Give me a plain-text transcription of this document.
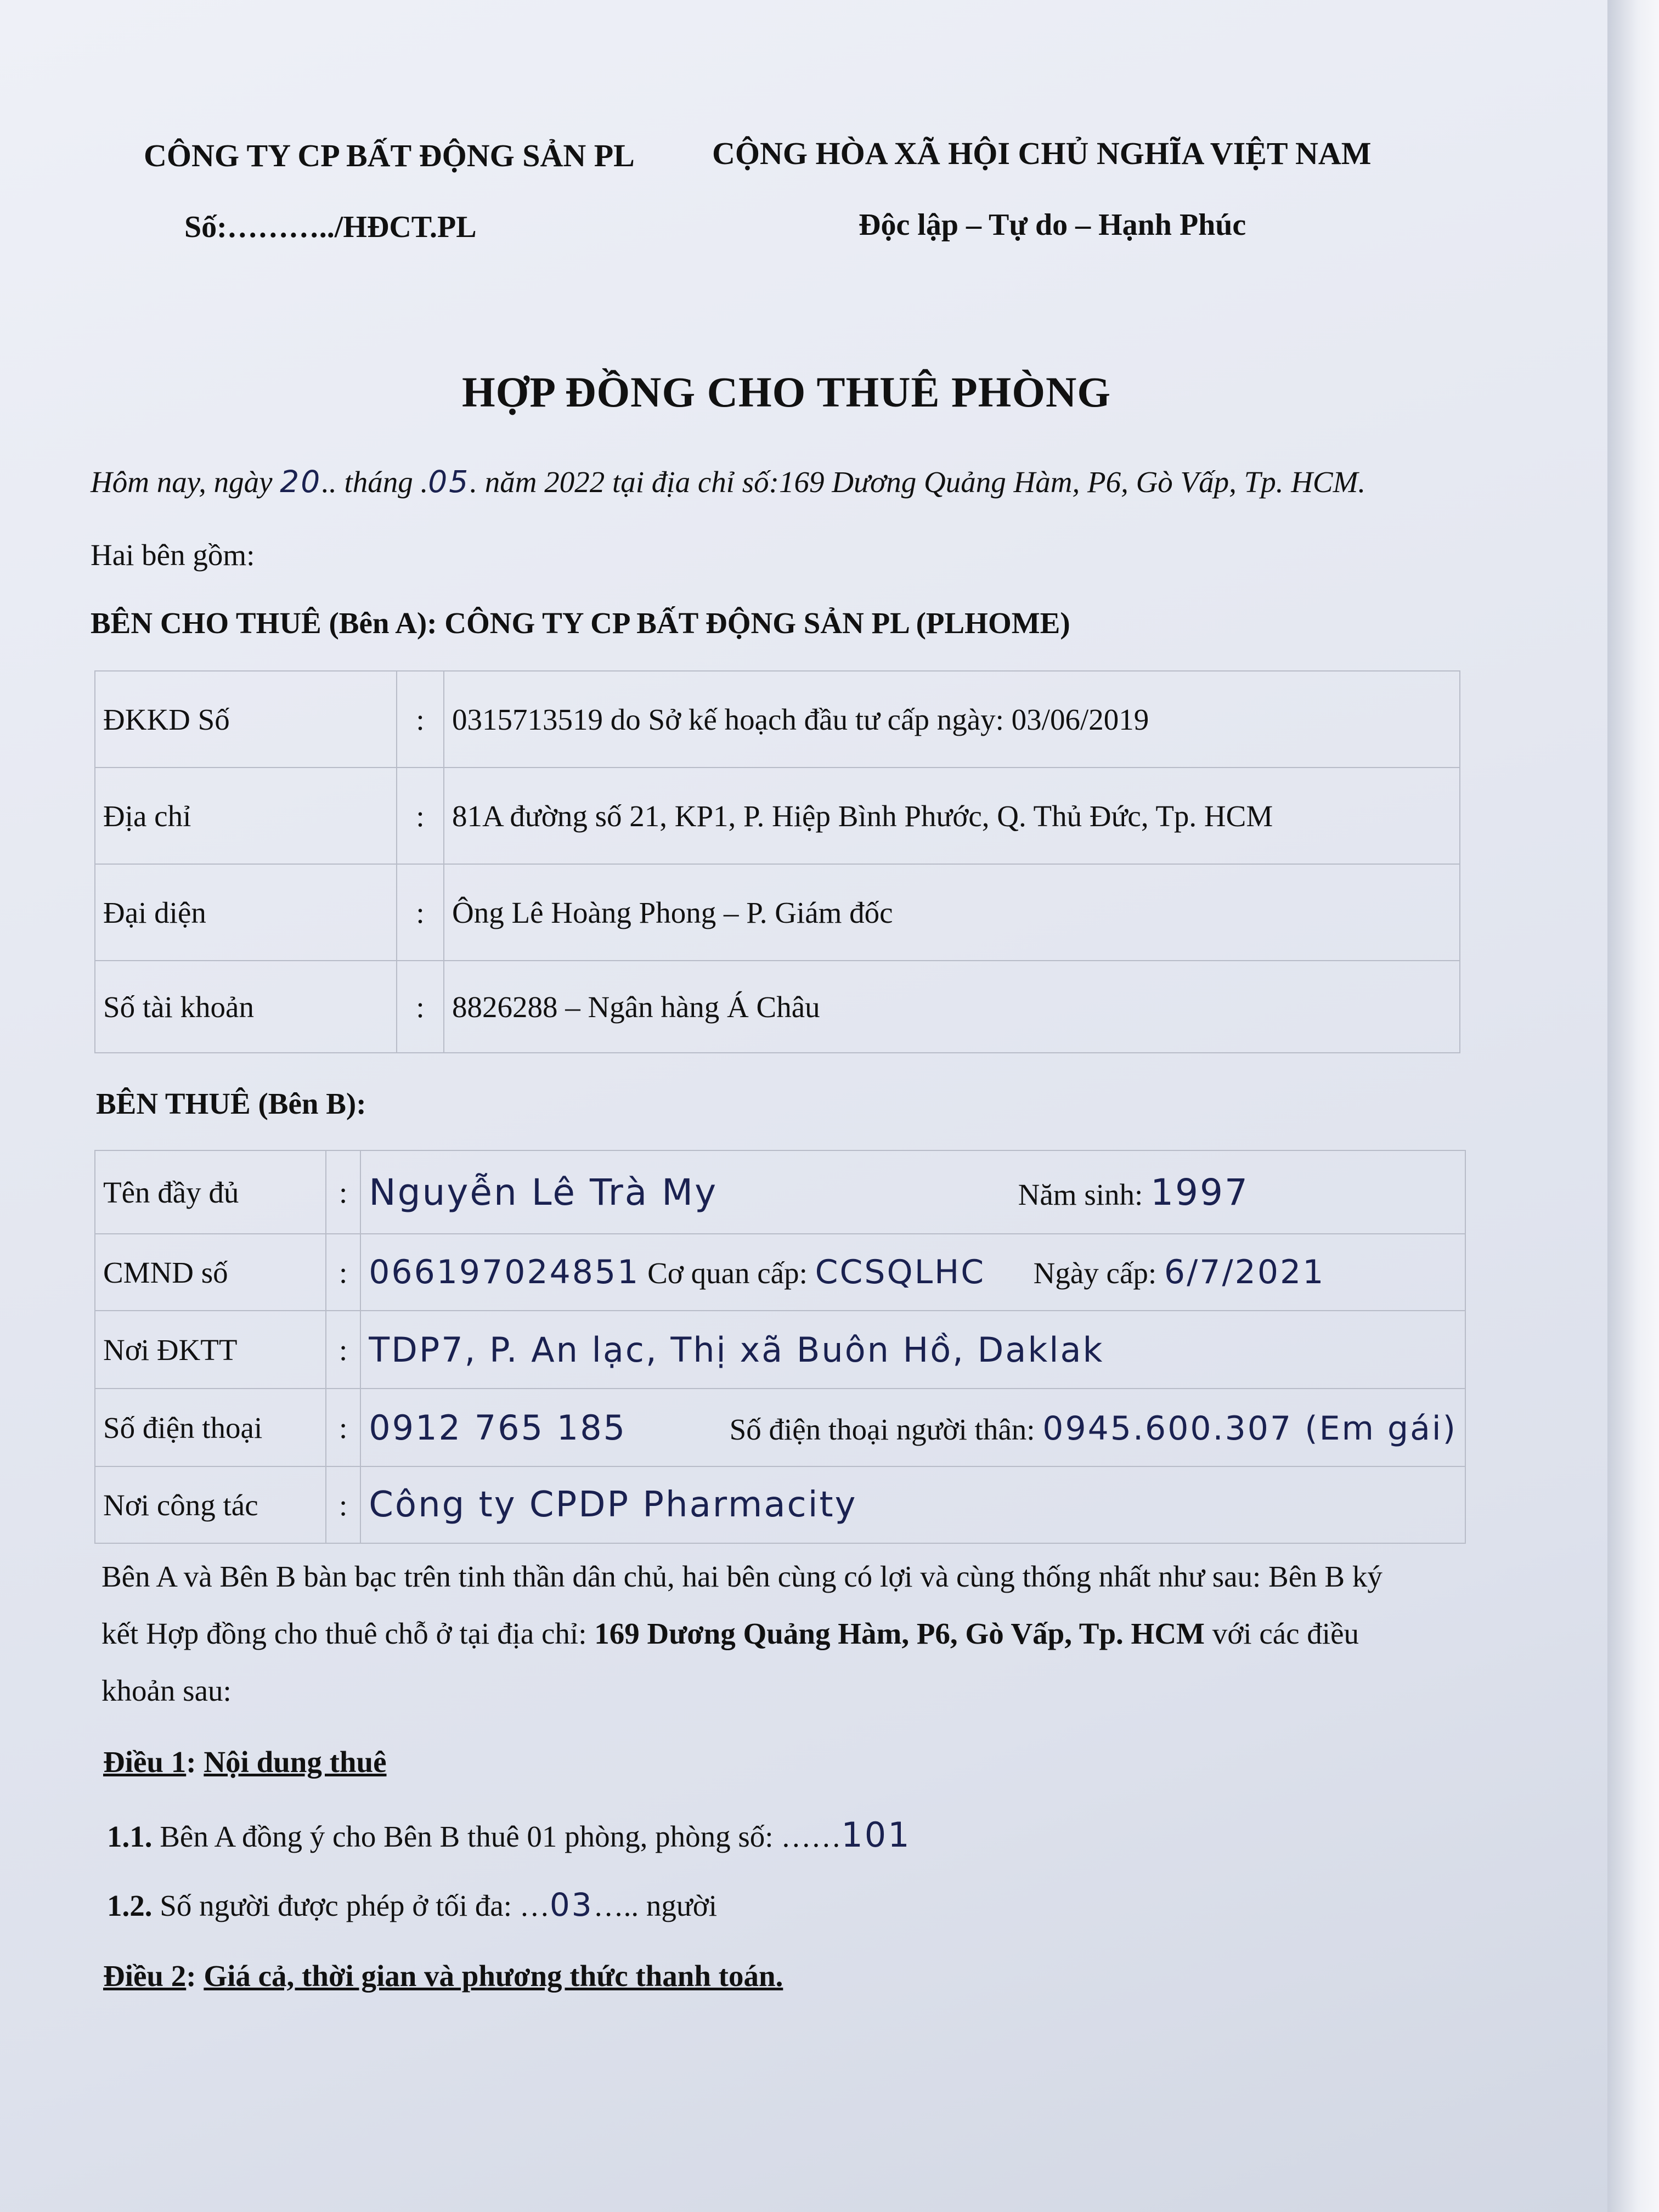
CÔNG TY CP BẤT ĐỘNG SẢN PL CỘNG HÒA XÃ HỘI CHỦ NGHĨA VIỆT NAM
Số:………../HĐCT.PL	Độc lập – Tự do – Hạnh Phúc
HỢP ĐỒNG CHO THUÊ PHÒNG
Hôm nay, ngày 20.. tháng .05. năm 2022 tại địa chỉ số:169 Dương Quảng Hàm, P6, Gò Vấp, Tp. HCM.
Hai bên gồm:
BÊN CHO THUÊ (Bên A): CÔNG TY CP BẤT ĐỘNG SẢN PL (PLHOME)
ĐKKD Số	:	0315713519 do Sở kế hoạch đầu tư cấp ngày: 03/06/2019
Địa chỉ	:	81A đường số 21, KP1, P. Hiệp Bình Phước, Q. Thủ Đức, Tp. HCM
Đại diện	:	Ông Lê Hoàng Phong – P. Giám đốc
Số tài khoản	:	8826288 – Ngân hàng Á Châu
BÊN THUÊ (Bên B):
Tên đầy đủ	:	Nguyễn Lê Trà My Năm sinh: 1997
CMND số	:	066197024851 Cơ quan cấp: CCSQLHC Ngày cấp: 6/7/2021
Nơi ĐKTT	:	TDP7, P. An lạc, Thị xã Buôn Hồ, Daklak
Số điện thoại	:	0912 765 185 Số điện thoại người thân: 0945.600.307 (Em gái)
Nơi công tác	:	Công ty CPDP Pharmacity
Bên A và Bên B bàn bạc trên tinh thần dân chủ, hai bên cùng có lợi và cùng thống nhất như sau: Bên B ký
kết Hợp đồng cho thuê chỗ ở tại địa chỉ: 169 Dương Quảng Hàm, P6, Gò Vấp, Tp. HCM với các điều
khoản sau:
Điều 1: Nội dung thuê
1.1. Bên A đồng ý cho Bên B thuê 01 phòng, phòng số: ……101
1.2. Số người được phép ở tối đa: …03….. người
Điều 2: Giá cả, thời gian và phương thức thanh toán.
